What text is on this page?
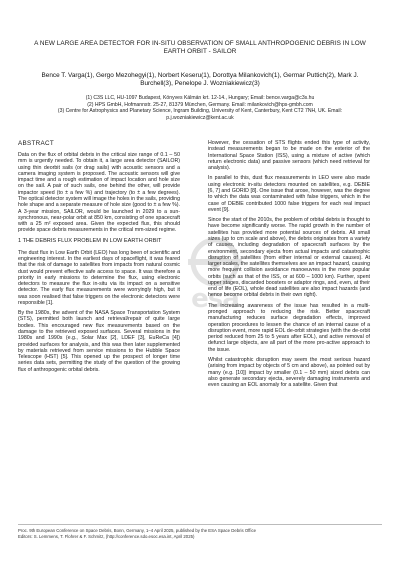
A NEW LARGE AREA DETECTOR FOR IN-SITU OBSERVATION OF SMALL ANTHROPOGENIC DEBRIS IN LOW EARTH ORBIT - SAILOR
Bence T. Varga(1), Gergo Mezohegyi(1), Norbert Keseru(1), Dorottya Milankovich(1), Germar Puttich(2), Mark J. Burchell(3), Penelope J. Wozniakiewicz(3)
(1) C3S LLC, HU-1097 Budapest, Könyves Kálmán krt. 12-14., Hungary; Email: bence.varga@c3s.hu
(2) HPS GmbH, Hofmannstr. 25-27, 81379 München, Germany. Email: milankovich@hps-gmbh.com
(3) Centre for Astrophysics and Planetary Science, Ingram Building, University of Kent, Canterbury, Kent CT2 7NH, UK. Email: p.j.wozniakiewicz@kent.ac.uk
ABSTRACT

Data on the flux of orbital debris in the critical size range of 0.1 – 50 mm is urgently needed. To obtain it, a large area detector (SAILOR) using thin deorbit sails (or drag sails) with acoustic sensors and a camera imaging system is proposed. The acoustic sensors will give impact time and a rough estimation of impact location and hole size on the sail. A pair of such sails, one behind the other, will provide impactor speed (to ± a few %) and trajectory (to ± a few degrees). The optical detector system will image the holes in the sails, providing hole shape and a separate measure of hole size (good to ± a few %). A 3-year mission, SAILOR, would be launched in 2029 to a sun-synchronous, near-polar orbit at 850 km, consisting of one spacecraft with a 25 m² exposed area. Given the expected flux, this should provide space debris measurements in the critical mm-sized regime.

1 THE DEBRIS FLUX PROBLEM IN LOW EARTH ORBIT

The dust flux in Low Earth Orbit (LEO) has long been of scientific and engineering interest. In the earliest days of spaceflight, it was feared that the risk of damage to satellites from impacts from natural cosmic dust would prevent effective safe access to space. It was therefore a priority in early missions to determine the flux, using electronic detectors to measure the flux in-situ via its impact on a sensitive detector. The early flux measurements were worryingly high, but it was soon realised that false triggers on the electronic detectors were responsible [1].

By the 1980s, the advent of the NASA Space Transportation System (STS), permitted both launch and retrieval/repair of quite large bodies. This encouraged new flux measurements based on the damage to the retrieved exposed surfaces. Several missions in the 1980s and 1990s (e.g., Solar Max [2], LDEF [3], EuReCa [4]) provided surfaces for analysis, and this was then later supplemented by materials retrieved from service missions to the Hubble Space Telescope (HST) [5]. This opened up the prospect of longer time series data sets, permitting the study of the question of the growing flux of anthropogenic orbital debris.

However, the cessation of STS flights ended this type of activity, instead measurements began to be made on the exterior of the International Space Station (ISS), using a mixture of active (which return electronic data) and passive sensors (which need retrieval for analysis).

In parallel to this, dust flux measurements in LEO were also made using electronic in-situ detectors mounted on satellites, e.g. DEBIE [6, 7] and GORID [8]. One issue that arose, however, was the degree to which the data was contaminated with false triggers, which in the case of DEBIE contributed 1000 false triggers for each real impact event [9].

Since the start of the 2010s, the problem of orbital debris is thought to have become significantly worse. The rapid growth in the number of satellites has provided more potential sources of debris. All small sizes (up to cm scale and above), the debris originates from a variety of causes, including degradation of spacecraft surfaces by the environment, secondary ejecta from actual impacts and catastrophic disruption of satellites (from either internal or external causes). At larger scales, the satellites themselves are an impact hazard, causing more frequent collision avoidance manoeuvres in the more popular orbits (such as that of the ISS, or at 600 – 1000 km). Further, spent upper stages, discarded boosters or adaptor rings, and, even, at their end of life (EOL), whole dead satellites are also impact hazards (and hence become orbital debris in their own right).

The increasing awareness of the issue has resulted in a multi-pronged approach to reducing the risk. Better spacecraft manufacturing reduces surface degradation effects, improved operation procedures to lessen the chance of an internal cause of a disruption event, more rapid EOL de-orbit strategies (with the de-orbit period reduced from 25 to 5 years after EOL), and active removal of defunct large objects, are all part of the more pro-active approach to the issue.

Whilst catastrophic disruption may seem the most serious hazard (arising from impact by objects of 5 cm and above), as pointed out by many (e.g. [10]) impact by smaller (0.1 – 50 mm) sized debris can also generate secondary ejecta, severely damaging instruments and even causing an EOL anomaly for a satellite. Given that

esa
Proc. 9th European Conference on Space Debris, Bonn, Germany, 1–4 April 2025, published by the ESA Space Debris Office
Editors: S. Lemmens, T. Flohrer & F. Schmitz, (http://conference.sdo.esoc.esa.int, April 2025)
